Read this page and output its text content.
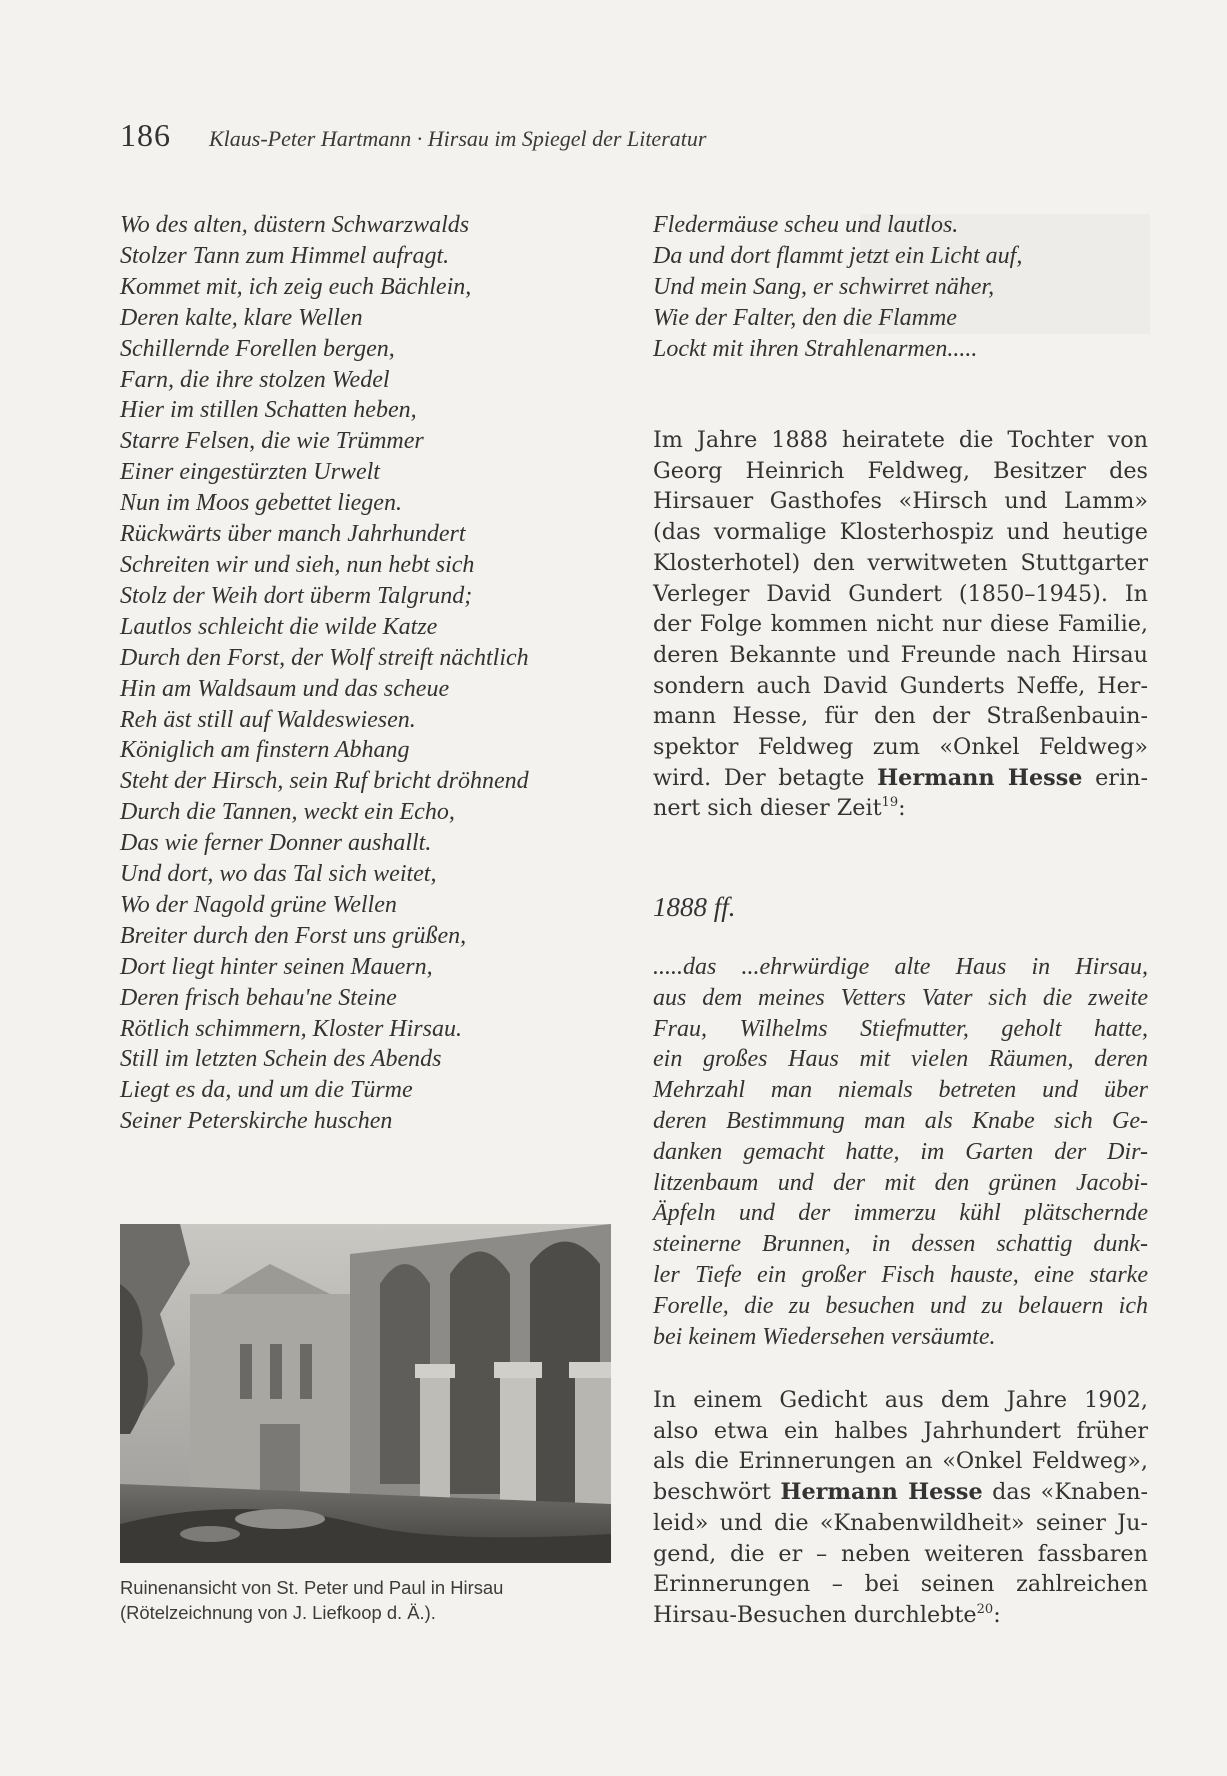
186 Klaus-Peter Hartmann · Hirsau im Spiegel der Literatur
Wo des alten, düstern Schwarzwalds
Stolzer Tann zum Himmel aufragt.
Kommet mit, ich zeig euch Bächlein,
Deren kalte, klare Wellen
Schillernde Forellen bergen,
Farn, die ihre stolzen Wedel
Hier im stillen Schatten heben,
Starre Felsen, die wie Trümmer
Einer eingestürzten Urwelt
Nun im Moos gebettet liegen.
Rückwärts über manch Jahrhundert
Schreiten wir und sieh, nun hebt sich
Stolz der Weih dort überm Talgrund;
Lautlos schleicht die wilde Katze
Durch den Forst, der Wolf streift nächtlich
Hin am Waldsaum und das scheue
Reh äst still auf Waldeswiesen.
Königlich am finstern Abhang
Steht der Hirsch, sein Ruf bricht dröhnend
Durch die Tannen, weckt ein Echo,
Das wie ferner Donner aushallt.
Und dort, wo das Tal sich weitet,
Wo der Nagold grüne Wellen
Breiter durch den Forst uns grüßen,
Dort liegt hinter seinen Mauern,
Deren frisch behau'ne Steine
Rötlich schimmern, Kloster Hirsau.
Still im letzten Schein des Abends
Liegt es da, und um die Türme
Seiner Peterskirche huschen
Ruinenansicht von St. Peter und Paul in Hirsau
(Rötelzeichnung von J. Liefkoop d. Ä.).
Fledermäuse scheu und lautlos.
Da und dort flammt jetzt ein Licht auf,
Und mein Sang, er schwirret näher,
Wie der Falter, den die Flamme
Lockt mit ihren Strahlenarmen.....
Im Jahre 1888 heiratete die Tochter von
Georg Heinrich Feldweg, Besitzer des
Hirsauer Gasthofes «Hirsch und Lamm»
(das vormalige Klosterhospiz und heutige
Klosterhotel) den verwitweten Stuttgarter
Verleger David Gundert (1850–1945). In
der Folge kommen nicht nur diese Familie,
deren Bekannte und Freunde nach Hirsau
sondern auch David Gunderts Neffe, Her-
mann Hesse, für den der Straßenbauin-
spektor Feldweg zum «Onkel Feldweg»
wird. Der betagte Hermann Hesse erin-
nert sich dieser Zeit$^{19}$:
1888 ff.
.....das ...ehrwürdige alte Haus in Hirsau,
aus dem meines Vetters Vater sich die zweite
Frau, Wilhelms Stiefmutter, geholt hatte,
ein großes Haus mit vielen Räumen, deren
Mehrzahl man niemals betreten und über
deren Bestimmung man als Knabe sich Ge-
danken gemacht hatte, im Garten der Dir-
litzenbaum und der mit den grünen Jacobi-
Äpfeln und der immerzu kühl plätschernde
steinerne Brunnen, in dessen schattig dunk-
ler Tiefe ein großer Fisch hauste, eine starke
Forelle, die zu besuchen und zu belauern ich
bei keinem Wiedersehen versäumte.
In einem Gedicht aus dem Jahre 1902,
also etwa ein halbes Jahrhundert früher
als die Erinnerungen an «Onkel Feldweg»,
beschwört Hermann Hesse das «Knaben-
leid» und die «Knabenwildheit» seiner Ju-
gend, die er – neben weiteren fassbaren
Erinnerungen – bei seinen zahlreichen
Hirsau-Besuchen durchlebte$^{20}$:
